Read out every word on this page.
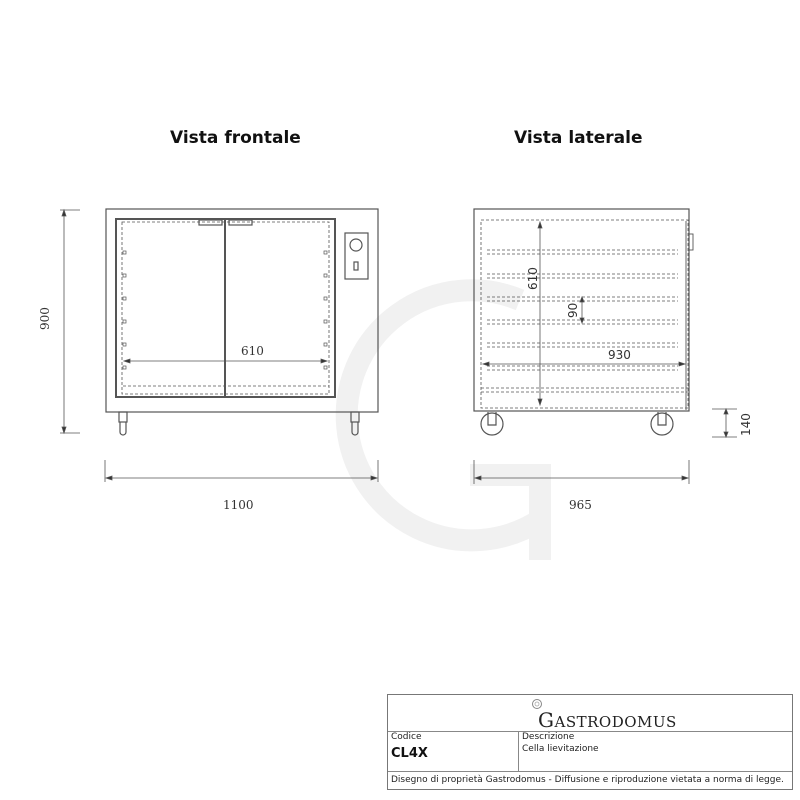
610
900
1100
610
90
930
140
965
Vista frontale	Vista laterale
GASTRODOMUS
Codice
CL4X
Descrizione
Cella lievitazione
Disegno di proprietà Gastrodomus - Diffusione e riproduzione vietata a norma di legge.
